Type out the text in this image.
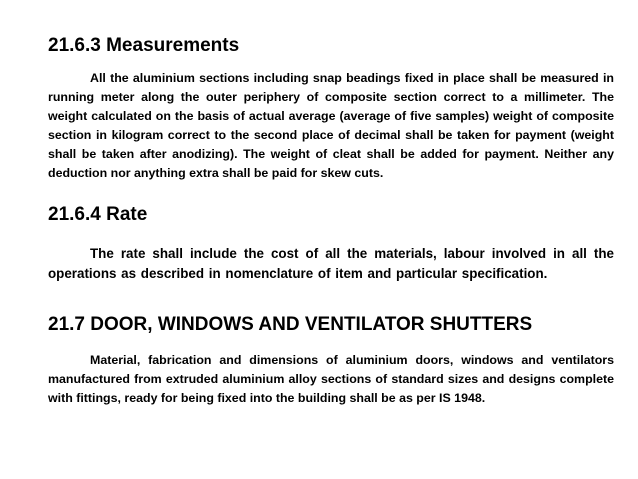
21.6.3 Measurements

All the aluminium sections including snap beadings fixed in place shall be measured in running meter along the outer periphery of composite section correct to a millimeter. The weight calculated on the basis of actual average (average of five samples) weight of composite section in kilogram correct to the second place of decimal shall be taken for payment (weight shall be taken after anodizing). The weight of cleat shall be added for payment. Neither any deduction nor anything extra shall be paid for skew cuts.

21.6.4 Rate

The rate shall include the cost of all the materials, labour involved in all the operations as described in nomenclature of item and particular specification.

21.7 DOOR, WINDOWS AND VENTILATOR SHUTTERS

Material, fabrication and dimensions of aluminium doors, windows and ventilators manufactured from extruded aluminium alloy sections of standard sizes and designs complete with fittings, ready for being fixed into the building shall be as per IS 1948.
